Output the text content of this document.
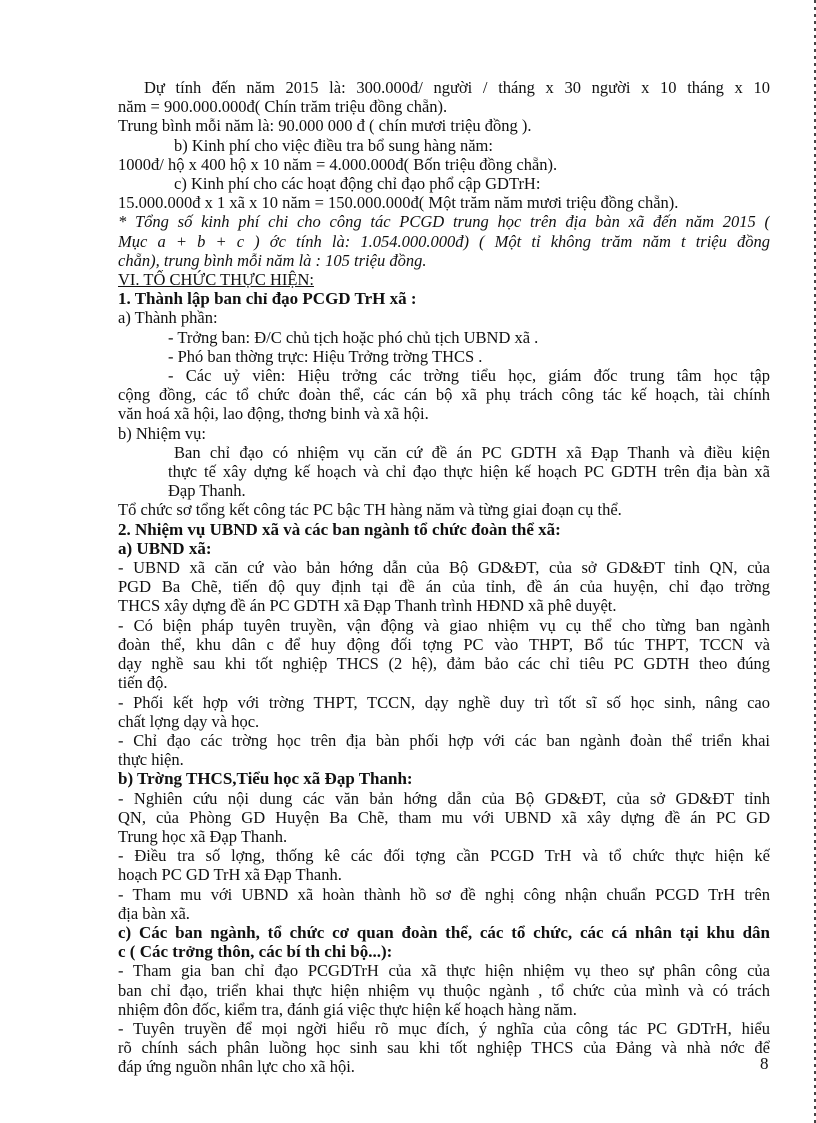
Dự tính đến năm 2015 là: 300.000đ/ người / tháng x 30 người x 10 tháng x 10
năm = 900.000.000đ( Chín trăm triệu đồng chẵn).
Trung bình mỗi năm là: 90.000 000 đ ( chín mươi triệu đồng ).
b) Kinh phí cho việc điều tra bổ sung hàng năm:
1000đ/ hộ x 400 hộ x 10 năm = 4.000.000đ( Bốn triệu đồng chẵn).
c) Kinh phí cho các hoạt động chỉ đạo phổ cập GDTrH:
15.000.000đ x 1 xã x 10 năm = 150.000.000đ( Một trăm năm mươi triệu đồng chẵn).
* Tổng số kinh phí chi cho công tác PCGD trung học trên địa bàn xã đến năm 2015 (
Mục a + b + c ) ớc tính là: 1.054.000.000đ) ( Một tỉ không trăm năm t triệu đồng
chẵn), trung bình mỗi năm là : 105 triệu đồng.
VI. TỔ CHỨC THỰC HIỆN:
1. Thành lập ban chỉ đạo PCGD TrH xã :
a) Thành phần:
- Trởng ban: Đ/C chủ tịch hoặc phó chủ tịch UBND xã .
- Phó ban thờng trực: Hiệu Trởng trờng THCS .
- Các uỷ viên: Hiệu trởng các trờng tiểu học, giám đốc trung tâm học tập
cộng đồng, các tổ chức đoàn thể, các cán bộ xã phụ trách công tác kế hoạch, tài chính
văn hoá xã hội, lao động, thơng binh và xã hội.
b) Nhiệm vụ:
Ban chỉ đạo có nhiệm vụ căn cứ đề án PC GDTH xã Đạp Thanh và điều kiện
thực tế xây dựng kế hoạch và chỉ đạo thực hiện kế hoạch PC GDTH trên địa bàn xã
Đạp Thanh.
Tổ chức sơ tổng kết công tác PC bậc TH hàng năm và từng giai đoạn cụ thể.
2. Nhiệm vụ UBND xã và các ban ngành tổ chức đoàn thể xã:
a) UBND xã:
- UBND xã căn cứ vào bản hớng dẫn của Bộ GD&ĐT, của sở GD&ĐT tỉnh QN, của
PGD Ba Chẽ, tiến độ quy định tại đề án của tỉnh, đề án của huyện, chỉ đạo trờng
THCS xây dựng đề án PC GDTH xã Đạp Thanh trình HĐND xã phê duyệt.
- Có biện pháp tuyên truyền, vận động và giao nhiệm vụ cụ thể cho từng ban ngành
đoàn thể, khu dân c để huy động đối tợng PC vào THPT, Bổ túc THPT, TCCN và
dạy nghề sau khi tốt nghiệp THCS (2 hệ), đảm bảo các chỉ tiêu PC GDTH theo đúng
tiến độ.
- Phối kết hợp với trờng THPT, TCCN, dạy nghề duy trì tốt sĩ số học sinh, nâng cao
chất lợng dạy và học.
- Chỉ đạo các trờng học trên địa bàn phối hợp với các ban ngành đoàn thể triển khai
thực hiện.
b) Trờng THCS,Tiểu học xã Đạp Thanh:
- Nghiên cứu nội dung các văn bản hớng dẫn của Bộ GD&ĐT, của sở GD&ĐT tỉnh
QN, của Phòng GD Huyện Ba Chẽ, tham mu với UBND xã xây dựng đề án PC GD
Trung học xã Đạp Thanh.
- Điều tra số lợng, thống kê các đối tợng cần PCGD TrH và tổ chức thực hiện kế
hoạch PC GD TrH xã Đạp Thanh.
- Tham mu với UBND xã hoàn thành hồ sơ đề nghị công nhận chuẩn PCGD TrH trên
địa bàn xã.
c) Các ban ngành, tổ chức cơ quan đoàn thể, các tổ chức, các cá nhân tại khu dân
c ( Các trởng thôn, các bí th chi bộ...):
- Tham gia ban chỉ đạo PCGDTrH của xã thực hiện nhiệm vụ theo sự phân công của
ban chỉ đạo, triển khai thực hiện nhiệm vụ thuộc ngành , tổ chức của mình và có trách
nhiệm đôn đốc, kiểm tra, đánh giá việc thực hiện kế hoạch hàng năm.
- Tuyên truyền để mọi ngời hiểu rõ mục đích, ý nghĩa của công tác PC GDTrH, hiểu
rõ chính sách phân luồng học sinh sau khi tốt nghiệp THCS của Đảng và nhà nớc để
đáp ứng nguồn nhân lực cho xã hội.	8
